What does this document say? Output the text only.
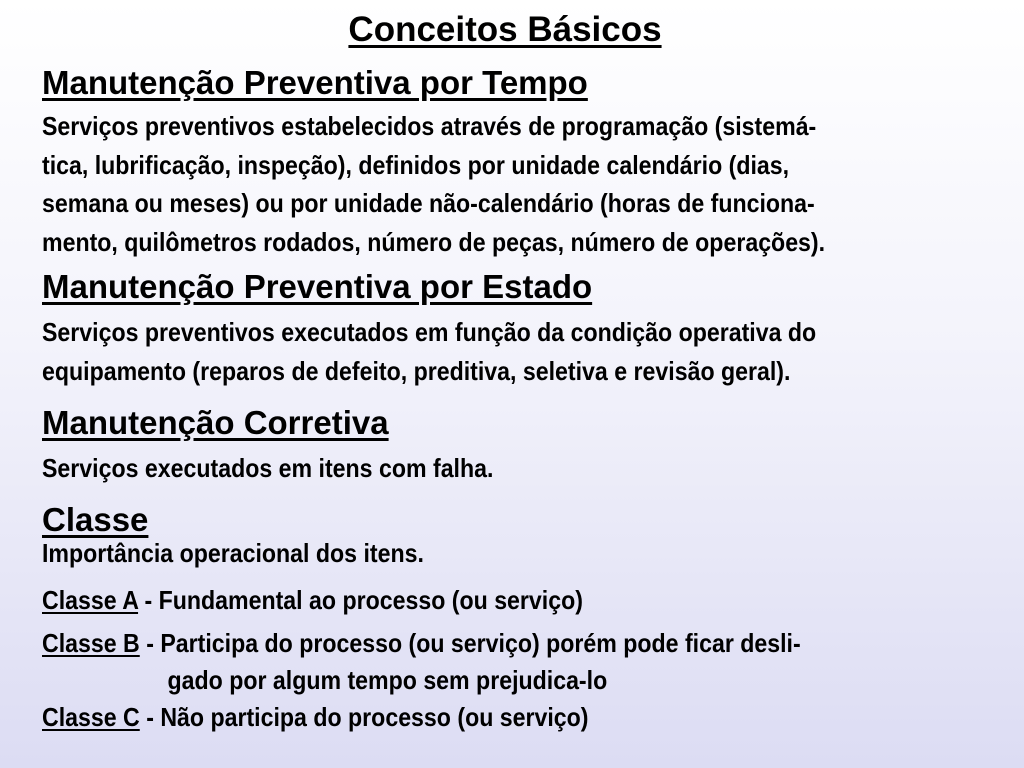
Conceitos Básicos
Manutenção Preventiva por Tempo
Serviços preventivos estabelecidos através de programação (sistemá-
tica, lubrificação, inspeção), definidos por unidade calendário (dias,
semana ou meses) ou por unidade não-calendário (horas de funciona-
mento, quilômetros rodados, número de peças, número de operações).
Manutenção Preventiva por Estado
Serviços preventivos executados em função da condição operativa do
equipamento (reparos de defeito, preditiva, seletiva e revisão geral).
Manutenção Corretiva
Serviços executados em itens com falha.
Classe
Importância operacional dos itens.
Classe A - Fundamental ao processo (ou serviço)
Classe B - Participa do processo (ou serviço) porém pode ficar desli-
gado por algum tempo sem prejudica-lo
Classe C - Não participa do processo (ou serviço)
